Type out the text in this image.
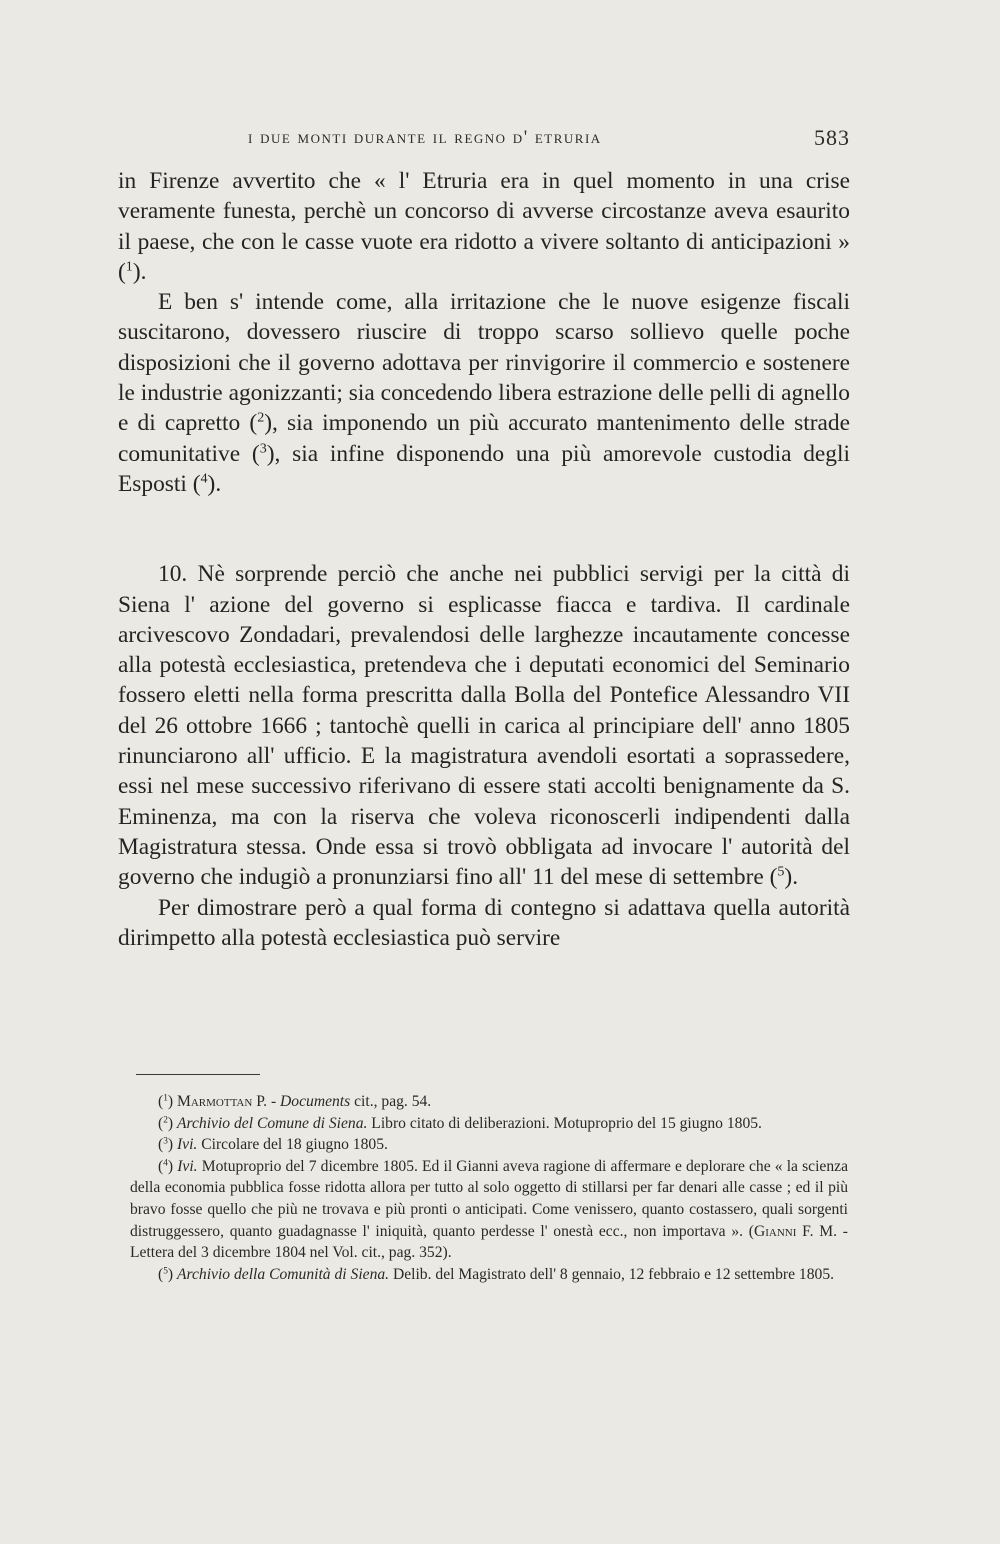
i due monti durante il regno d' etruria	583

in Firenze avvertito che « l' Etruria era in quel momento in una crise veramente funesta, perchè un concorso di avverse circostanze aveva esaurito il paese, che con le casse vuote era ridotto a vivere soltanto di anticipazioni » ($^1$).

E ben s' intende come, alla irritazione che le nuove esigenze fiscali suscitarono, dovessero riuscire di troppo scarso sollievo quelle poche disposizioni che il governo adottava per rinvigorire il commercio e sostenere le industrie agonizzanti; sia concedendo libera estrazione delle pelli di agnello e di capretto ($^2$), sia imponendo un più accurato mantenimento delle strade comunitative ($^3$), sia infine disponendo una più amorevole custodia degli Esposti ($^4$).

10. Nè sorprende perciò che anche nei pubblici servigi per la città di Siena l' azione del governo si esplicasse fiacca e tardiva. Il cardinale arcivescovo Zondadari, prevalendosi delle larghezze incautamente concesse alla potestà ecclesiastica, pretendeva che i deputati economici del Seminario fossero eletti nella forma prescritta dalla Bolla del Pontefice Alessandro VII del 26 ottobre 1666 ; tantochè quelli in carica al principiare dell' anno 1805 rinunciarono all' ufficio. E la magistratura avendoli esortati a soprassedere, essi nel mese successivo riferivano di essere stati accolti benignamente da S. Eminenza, ma con la riserva che voleva riconoscerli indipendenti dalla Magistratura stessa. Onde essa si trovò obbligata ad invocare l' autorità del governo che indugiò a pronunziarsi fino all' 11 del mese di settembre ($^5$).

Per dimostrare però a qual forma di contegno si adattava quella autorità dirimpetto alla potestà ecclesiastica può servire

($^1$) Marmottan P. - Documents cit., pag. 54.

($^2$) Archivio del Comune di Siena. Libro citato di deliberazioni. Motuproprio del 15 giugno 1805.

($^3$) Ivi. Circolare del 18 giugno 1805.

($^4$) Ivi. Motuproprio del 7 dicembre 1805. Ed il Gianni aveva ragione di affermare e deplorare che « la scienza della economia pubblica fosse ridotta allora per tutto al solo oggetto di stillarsi per far denari alle casse ; ed il più bravo fosse quello che più ne trovava e più pronti o anticipati. Come venissero, quanto costassero, quali sorgenti distruggessero, quanto guadagnasse l' iniquità, quanto perdesse l' onestà ecc., non importava ». (Gianni F. M. - Lettera del 3 dicembre 1804 nel Vol. cit., pag. 352).

($^5$) Archivio della Comunità di Siena. Delib. del Magistrato dell' 8 gennaio, 12 febbraio e 12 settembre 1805.
